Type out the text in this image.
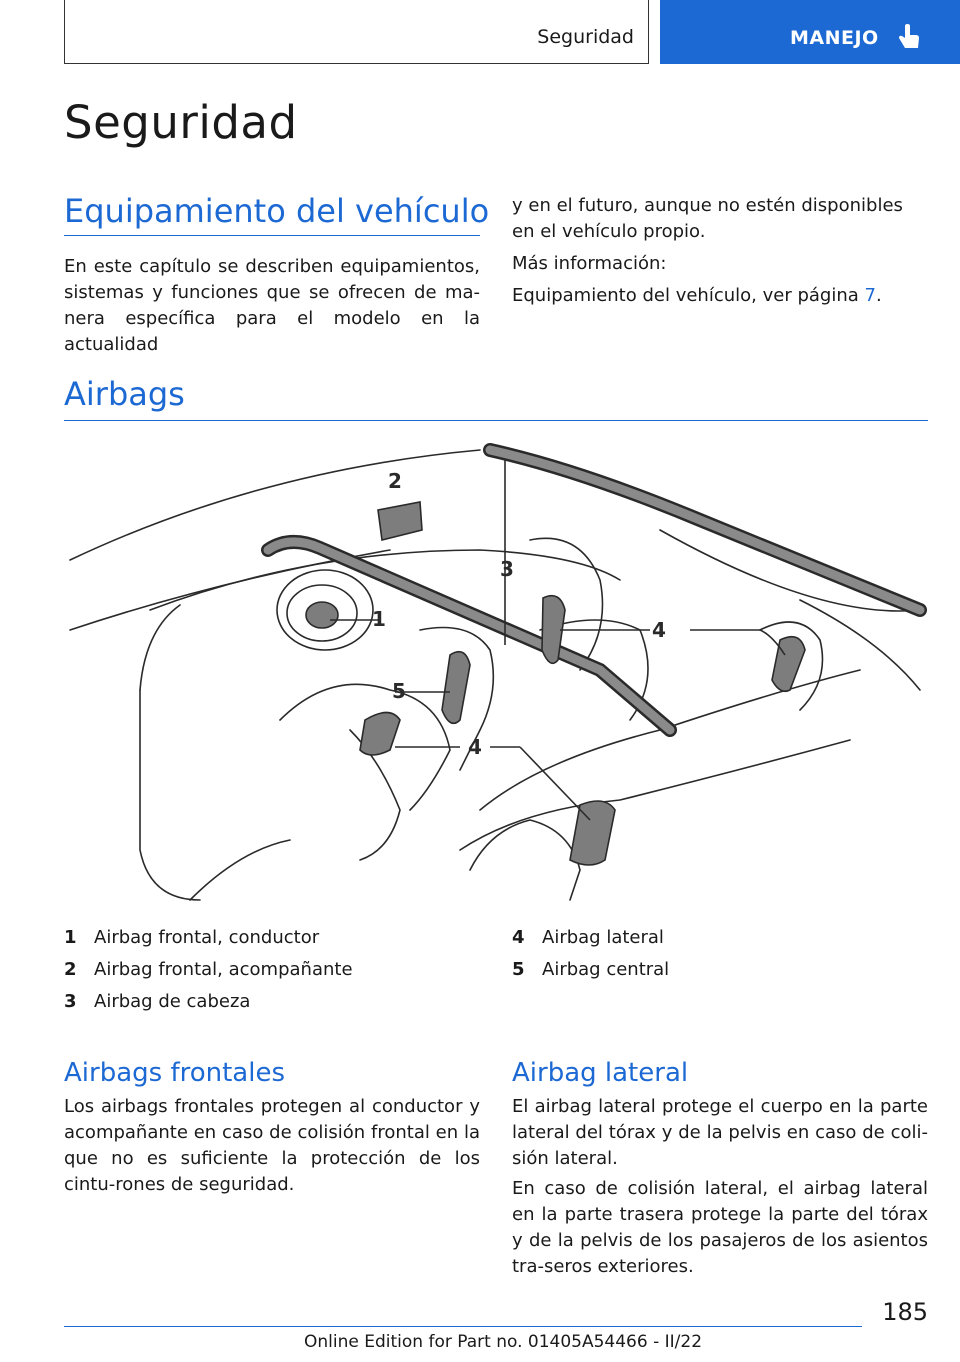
Seguridad	MANEJO
Seguridad
Equipamiento del vehículo

En este capítulo se describen equipamientos, sistemas y funciones que se ofrecen de ma-nera específica para el modelo en la actualidad

y en el futuro, aunque no estén disponibles en el vehículo propio.

Más información:

Equipamiento del vehículo, ver página 7.

Airbags
1
2
3
4
5
4
1 Airbag frontal, conductor
2 Airbag frontal, acompañante
3 Airbag de cabeza
4 Airbag lateral
5 Airbag central
Airbags frontales

Los airbags frontales protegen al conductor y acompañante en caso de colisión frontal en la que no es suficiente la protección de los cintu-rones de seguridad.

Airbag lateral

El airbag lateral protege el cuerpo en la parte lateral del tórax y de la pelvis en caso de coli-sión lateral.

En caso de colisión lateral, el airbag lateral en la parte trasera protege la parte del tórax y de la pelvis de los pasajeros de los asientos tra-seros exteriores.

185
Online Edition for Part no. 01405A54466 - II/22
